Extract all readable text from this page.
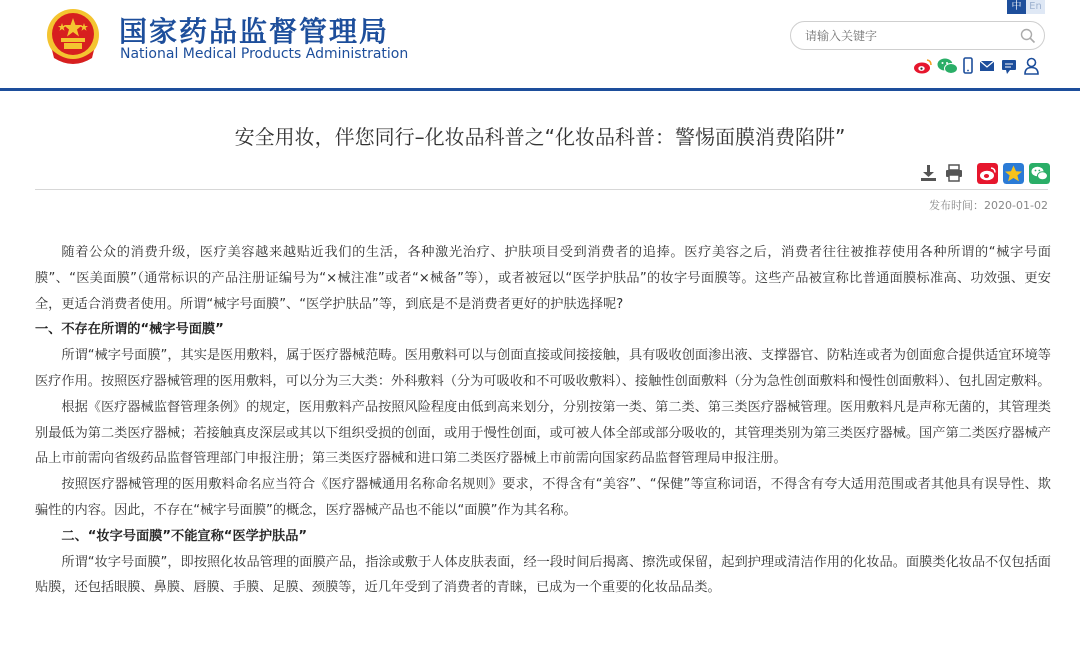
国家药品监督管理局
National Medical Products Administration
中 En
请输入关键字
安全用妆，伴您同行–化妆品科普之“化妆品科普：警惕面膜消费陷阱”
发布时间：2020-01-02

随着公众的消费升级，医疗美容越来越贴近我们的生活，各种激光治疗、护肤项目受到消费者的追捧。医疗美容之后，消费者往往被推荐使用各种所谓的“械字号面膜”、“医美面膜”（通常标识的产品注册证编号为“×械注准”或者“×械备”等），或者被冠以“医学护肤品”的妆字号面膜等。这些产品被宣称比普通面膜标准高、功效强、更安全，更适合消费者使用。所谓“械字号面膜”、“医学护肤品”等，到底是不是消费者更好的护肤选择呢?

一、不存在所谓的“械字号面膜”

所谓“械字号面膜”，其实是医用敷料，属于医疗器械范畴。医用敷料可以与创面直接或间接接触，具有吸收创面渗出液、支撑器官、防粘连或者为创面愈合提供适宜环境等医疗作用。按照医疗器械管理的医用敷料，可以分为三大类：外科敷料（分为可吸收和不可吸收敷料）、接触性创面敷料（分为急性创面敷料和慢性创面敷料）、包扎固定敷料。

根据《医疗器械监督管理条例》的规定，医用敷料产品按照风险程度由低到高来划分，分别按第一类、第二类、第三类医疗器械管理。医用敷料凡是声称无菌的，其管理类别最低为第二类医疗器械；若接触真皮深层或其以下组织受损的创面，或用于慢性创面，或可被人体全部或部分吸收的，其管理类别为第三类医疗器械。国产第二类医疗器械产品上市前需向省级药品监督管理部门申报注册；第三类医疗器械和进口第二类医疗器械上市前需向国家药品监督管理局申报注册。

按照医疗器械管理的医用敷料命名应当符合《医疗器械通用名称命名规则》要求，不得含有“美容”、“保健”等宣称词语，不得含有夸大适用范围或者其他具有误导性、欺骗性的内容。因此，不存在“械字号面膜”的概念，医疗器械产品也不能以“面膜”作为其名称。

二、“妆字号面膜”不能宣称“医学护肤品”

所谓“妆字号面膜”，即按照化妆品管理的面膜产品，指涂或敷于人体皮肤表面，经一段时间后揭离、擦洗或保留，起到护理或清洁作用的化妆品。面膜类化妆品不仅包括面贴膜，还包括眼膜、鼻膜、唇膜、手膜、足膜、颈膜等，近几年受到了消费者的青睐，已成为一个重要的化妆品品类。
